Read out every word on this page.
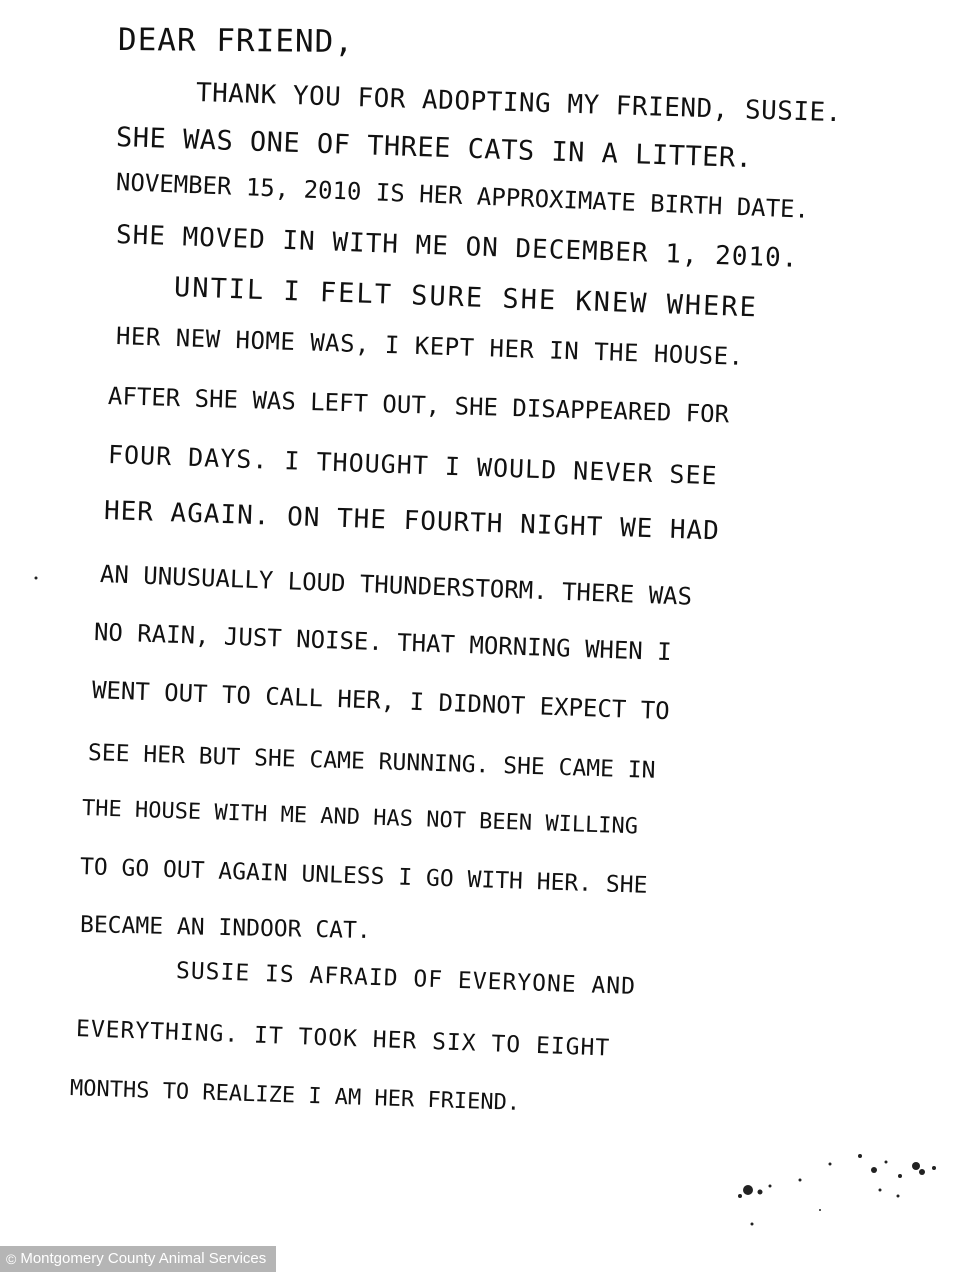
DEAR FRIEND,
THANK YOU FOR ADOPTING MY FRIEND, SUSIE.
SHE WAS ONE OF THREE CATS IN A LITTER.
NOVEMBER 15, 2010 IS HER APPROXIMATE BIRTH DATE.
SHE MOVED IN WITH ME ON DECEMBER 1, 2010.
UNTIL I FELT SURE SHE KNEW WHERE
HER NEW HOME WAS, I KEPT HER IN THE HOUSE.
AFTER SHE WAS LEFT OUT, SHE DISAPPEARED FOR
FOUR DAYS. I THOUGHT I WOULD NEVER SEE
HER AGAIN. ON THE FOURTH NIGHT WE HAD
AN UNUSUALLY LOUD THUNDERSTORM. THERE WAS
NO RAIN, JUST NOISE. THAT MORNING WHEN I
WENT OUT TO CALL HER, I DIDNOT EXPECT TO
SEE HER BUT SHE CAME RUNNING. SHE CAME IN
THE HOUSE WITH ME AND HAS NOT BEEN WILLING
TO GO OUT AGAIN UNLESS I GO WITH HER. SHE
BECAME AN INDOOR CAT.
SUSIE IS AFRAID OF EVERYONE AND
EVERYTHING. IT TOOK HER SIX TO EIGHT
MONTHS TO REALIZE I AM HER FRIEND.
© Montgomery County Animal Services
